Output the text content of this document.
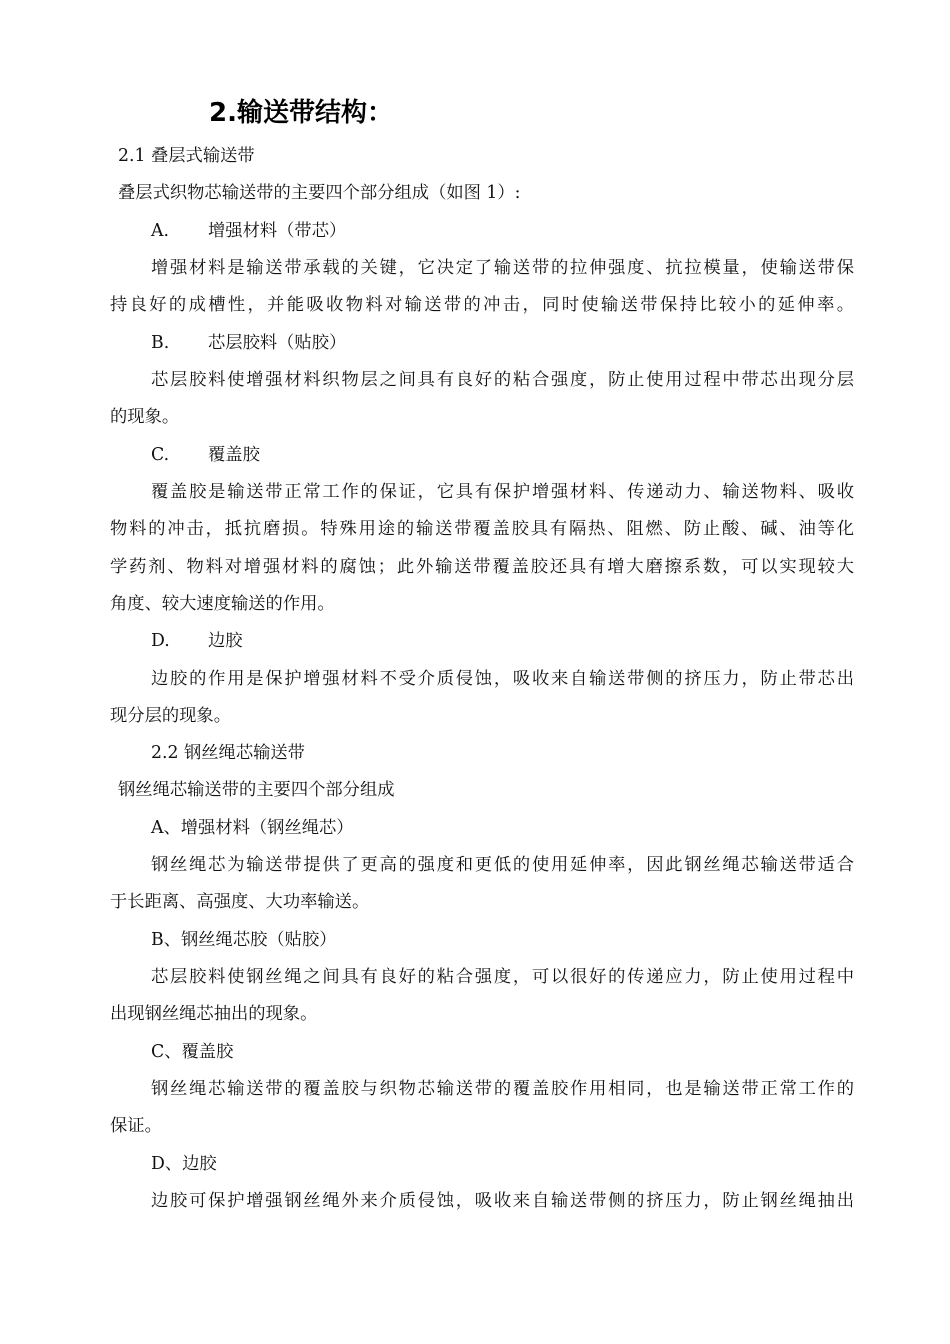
2.输送带结构：
2.1 叠层式输送带
叠层式织物芯输送带的主要四个部分组成（如图 1）:
A. 增强材料（带芯）
增强材料是输送带承载的关键，它决定了输送带的拉伸强度、抗拉模量，使输送带保
持良好的成槽性，并能吸收物料对输送带的冲击，同时使输送带保持比较小的延伸率。
B. 芯层胶料（贴胶）
芯层胶料使增强材料织物层之间具有良好的粘合强度，防止使用过程中带芯出现分层
的现象。
C. 覆盖胶
覆盖胶是输送带正常工作的保证，它具有保护增强材料、传递动力、输送物料、吸收
物料的冲击，抵抗磨损。特殊用途的输送带覆盖胶具有隔热、阻燃、防止酸、碱、油等化
学药剂、物料对增强材料的腐蚀；此外输送带覆盖胶还具有增大磨擦系数，可以实现较大
角度、较大速度输送的作用。
D. 边胶
边胶的作用是保护增强材料不受介质侵蚀，吸收来自输送带侧的挤压力，防止带芯出
现分层的现象。
2.2 钢丝绳芯输送带
钢丝绳芯输送带的主要四个部分组成
A、增强材料（钢丝绳芯）
钢丝绳芯为输送带提供了更高的强度和更低的使用延伸率，因此钢丝绳芯输送带适合
于长距离、高强度、大功率输送。
B、钢丝绳芯胶（贴胶）
芯层胶料使钢丝绳之间具有良好的粘合强度，可以很好的传递应力，防止使用过程中
出现钢丝绳芯抽出的现象。
C、覆盖胶
钢丝绳芯输送带的覆盖胶与织物芯输送带的覆盖胶作用相同，也是输送带正常工作的
保证。
D、边胶
边胶可保护增强钢丝绳外来介质侵蚀，吸收来自输送带侧的挤压力，防止钢丝绳抽出
